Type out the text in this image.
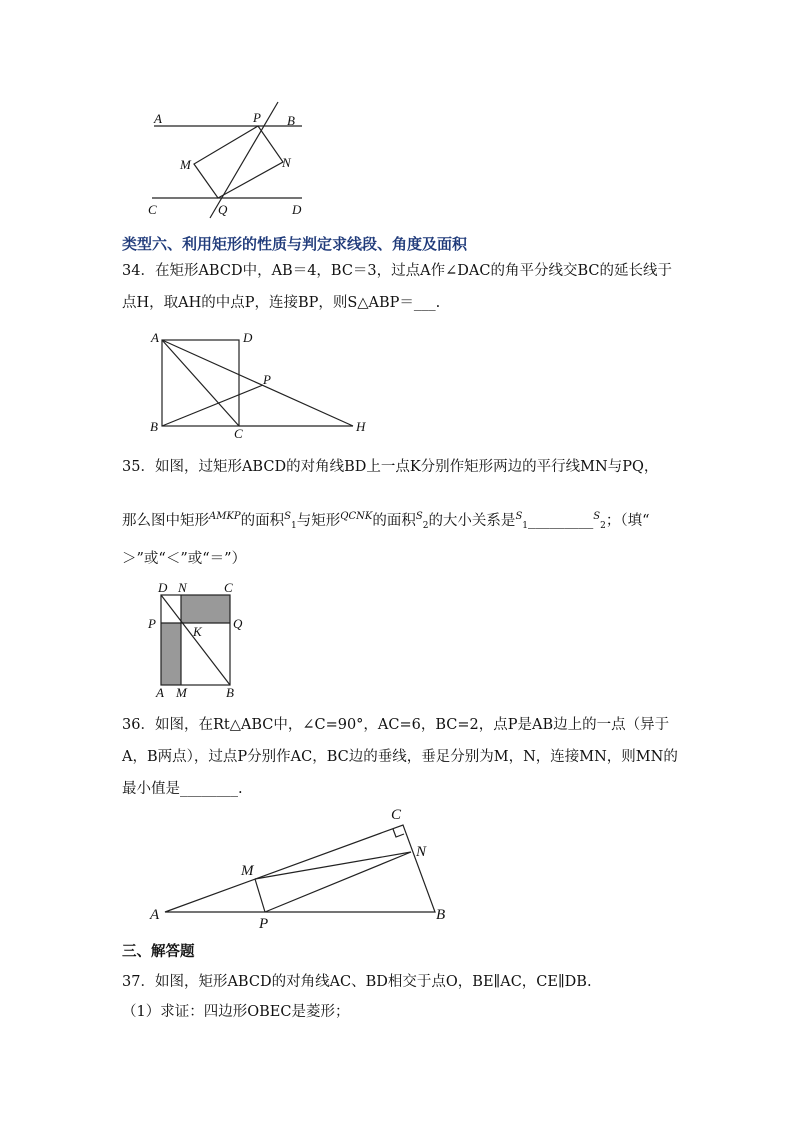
A	B
P
N
M
C	Q	D
类型六、利用矩形的性质与判定求线段、角度及面积
34．在矩形ABCD中，AB＝4，BC＝3，过点A作∠DAC的角平分线交BC的延长线于
点H，取AH的中点P，连接BP，则S△ABP＝___.
A	D
B	C	H
P
35．如图，过矩形ABCD的对角线BD上一点K分别作矩形两边的平行线MN与PQ，
那么图中矩形$^{AMKP}$的面积$^S_1$与矩形$^{QCNK}$的面积$^S_2$的大小关系是$^S_1$_________$^S_2$；（填“
＞”或“＜”或“＝”）
D N	C
P
K
Q
A M	B
36．如图，在Rt△ABC中，∠C=90°，AC=6，BC=2，点P是AB边上的一点（异于
A，B两点），过点P分别作AC，BC边的垂线，垂足分别为M，N，连接MN，则MN的
最小值是________.
A
C
N
M
P
B
三、解答题
37．如图，矩形ABCD的对角线AC、BD相交于点O，BE∥AC，CE∥DB.
（1）求证：四边形OBEC是菱形；
